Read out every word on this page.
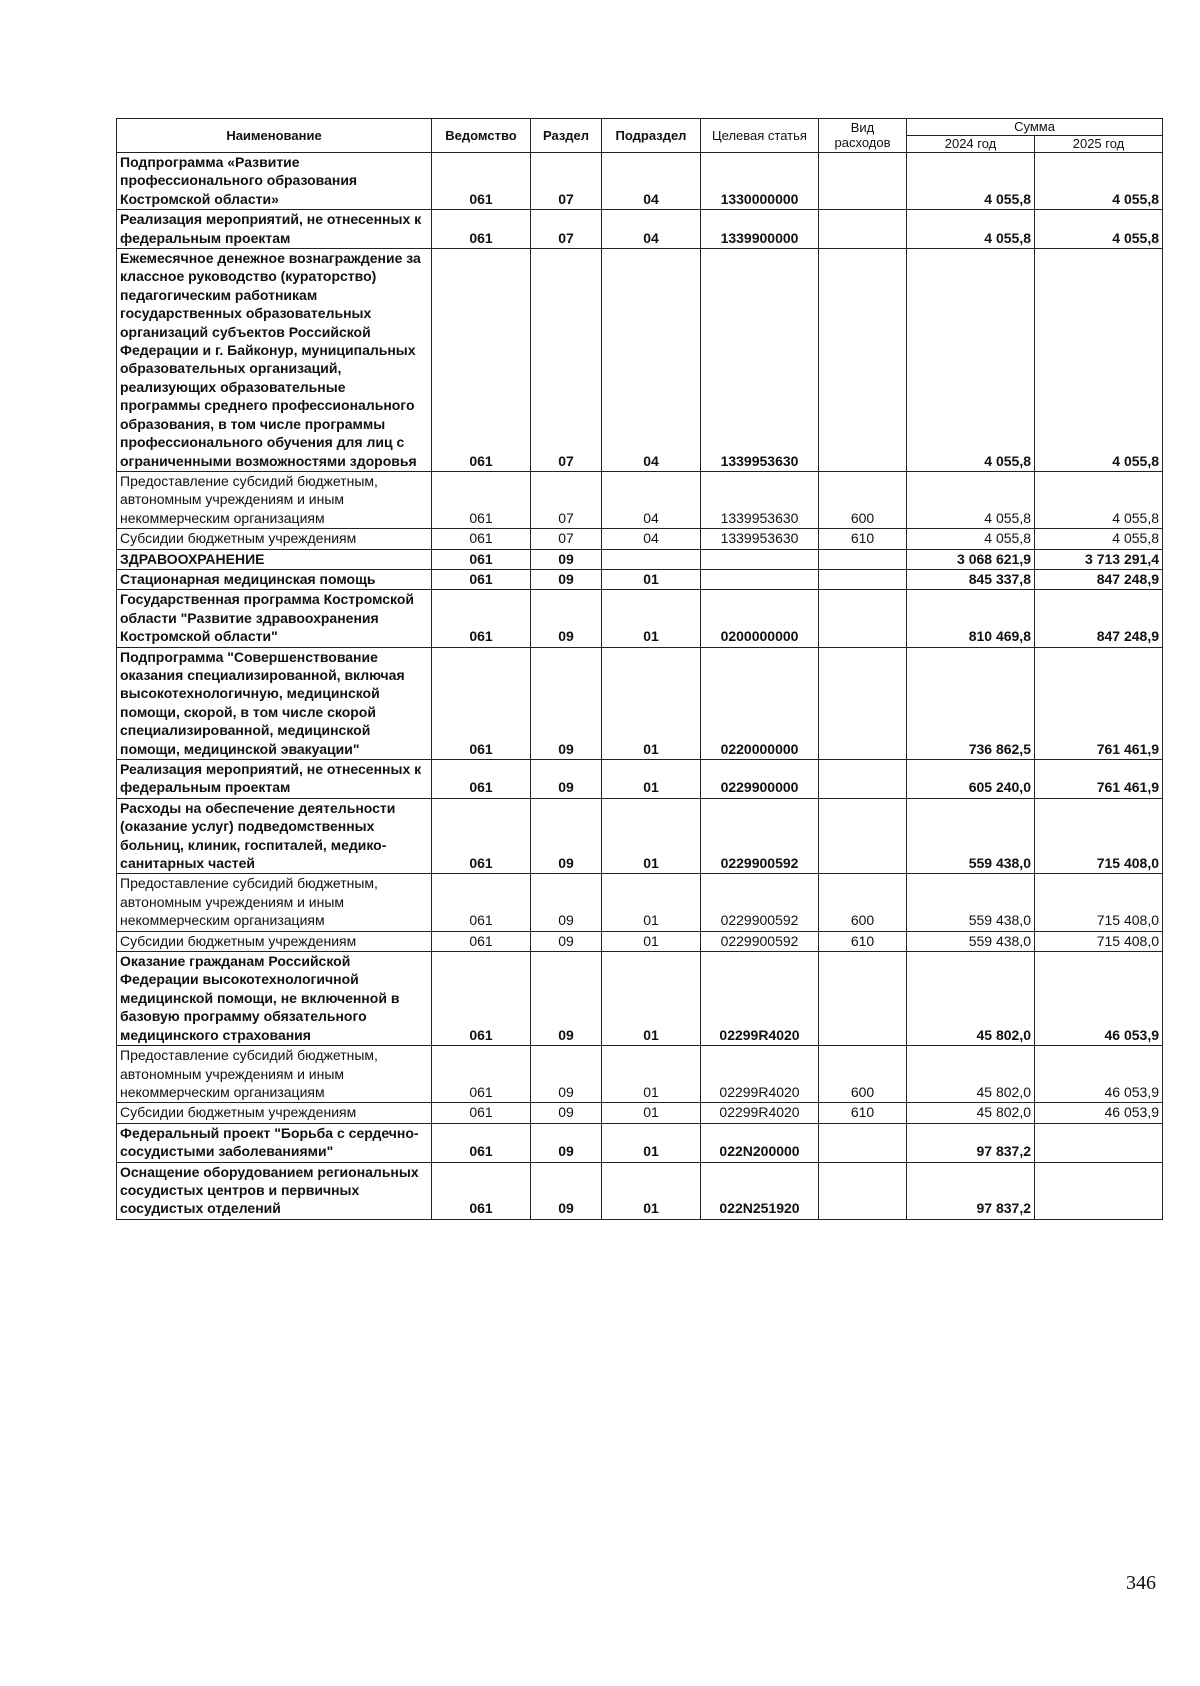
Наименование	Ведомство	Раздел	Подраздел	Целевая статья	Вид расходов	Сумма	
						2024 год	2025 год
Подпрограмма «Развитие профессионального образования Костромской области»	061	07	04	1330000000		4 055,8	4 055,8
Реализация мероприятий, не отнесенных к федеральным проектам	061	07	04	1339900000		4 055,8	4 055,8
Ежемесячное денежное вознаграждение за классное руководство (кураторство) педагогическим работникам государственных образовательных организаций субъектов Российской Федерации и г. Байконур, муниципальных образовательных организаций, реализующих образовательные программы среднего профессионального образования, в том числе программы профессионального обучения для лиц с ограниченными возможностями здоровья	061	07	04	1339953630		4 055,8	4 055,8
Предоставление субсидий бюджетным, автономным учреждениям и иным некоммерческим организациям	061	07	04	1339953630	600	4 055,8	4 055,8
Субсидии бюджетным учреждениям	061	07	04	1339953630	610	4 055,8	4 055,8
ЗДРАВООХРАНЕНИЕ	061	09				3 068 621,9	3 713 291,4
Стационарная медицинская помощь	061	09	01			845 337,8	847 248,9
Государственная программа Костромской области "Развитие здравоохранения Костромской области"	061	09	01	0200000000		810 469,8	847 248,9
Подпрограмма "Совершенствование оказания специализированной, включая высокотехнологичную, медицинской помощи, скорой, в том числе скорой специализированной, медицинской помощи, медицинской эвакуации"	061	09	01	0220000000		736 862,5	761 461,9
Реализация мероприятий, не отнесенных к федеральным проектам	061	09	01	0229900000		605 240,0	761 461,9
Расходы на обеспечение деятельности (оказание услуг) подведомственных больниц, клиник, госпиталей, медико-санитарных частей	061	09	01	0229900592		559 438,0	715 408,0
Предоставление субсидий бюджетным, автономным учреждениям и иным некоммерческим организациям	061	09	01	0229900592	600	559 438,0	715 408,0
Субсидии бюджетным учреждениям	061	09	01	0229900592	610	559 438,0	715 408,0
Оказание гражданам Российской Федерации высокотехнологичной медицинской помощи, не включенной в базовую программу обязательного медицинского страхования	061	09	01	02299R4020		45 802,0	46 053,9
Предоставление субсидий бюджетным, автономным учреждениям и иным некоммерческим организациям	061	09	01	02299R4020	600	45 802,0	46 053,9
Субсидии бюджетным учреждениям	061	09	01	02299R4020	610	45 802,0	46 053,9
Федеральный проект "Борьба с сердечно-сосудистыми заболеваниями"	061	09	01	022N200000		97 837,2	
Оснащение оборудованием региональных сосудистых центров и первичных сосудистых отделений	061	09	01	022N251920		97 837,2	
346
